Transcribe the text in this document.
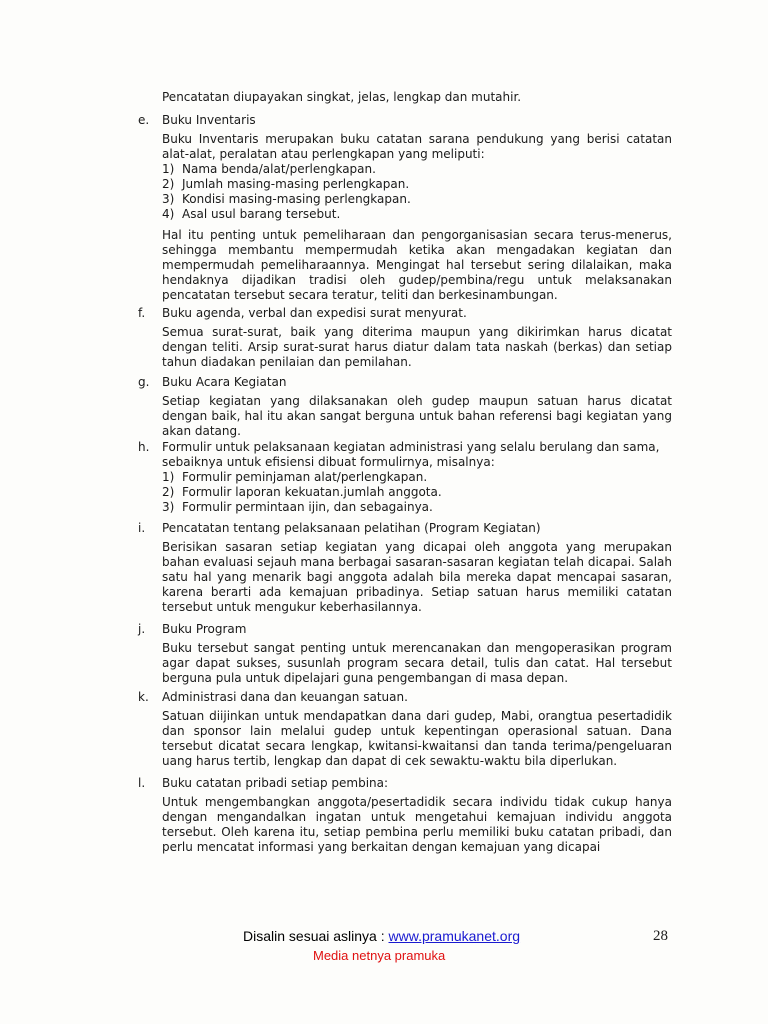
Pencatatan diupayakan singkat, jelas, lengkap dan mutahir.
e.	Buku Inventaris

Buku Inventaris merupakan buku catatan sarana pendukung yang berisi catatan alat-alat, peralatan atau perlengkapan yang meliputi:

1) Nama benda/alat/perlengkapan.
2) Jumlah masing-masing perlengkapan.
3) Kondisi masing-masing perlengkapan.
4) Asal usul barang tersebut.

Hal itu penting untuk pemeliharaan dan pengorganisasian secara terus-menerus, sehingga membantu mempermudah ketika akan mengadakan kegiatan dan mempermudah pemeliharaannya. Mengingat hal tersebut sering dilalaikan, maka hendaknya dijadikan tradisi oleh gudep/pembina/regu untuk melaksanakan pencatatan tersebut secara teratur, teliti dan berkesinambungan.

f.	Buku agenda, verbal dan expedisi surat menyurat.

Semua surat-surat, baik yang diterima maupun yang dikirimkan harus dicatat dengan teliti. Arsip surat-surat harus diatur dalam tata naskah (berkas) dan setiap tahun diadakan penilaian dan pemilahan.

g.	Buku Acara Kegiatan

Setiap kegiatan yang dilaksanakan oleh gudep maupun satuan harus dicatat dengan baik, hal itu akan sangat berguna untuk bahan referensi bagi kegiatan yang akan datang.

h.	Formulir untuk pelaksanaan kegiatan administrasi yang selalu berulang dan sama, sebaiknya untuk efisiensi dibuat formulirnya, misalnya:
1) Formulir peminjaman alat/perlengkapan.
2) Formulir laporan kekuatan.jumlah anggota.
3) Formulir permintaan ijin, dan sebagainya.
i.	Pencatatan tentang pelaksanaan pelatihan (Program Kegiatan)

Berisikan sasaran setiap kegiatan yang dicapai oleh anggota yang merupakan bahan evaluasi sejauh mana berbagai sasaran-sasaran kegiatan telah dicapai. Salah satu hal yang menarik bagi anggota adalah bila mereka dapat mencapai sasaran, karena berarti ada kemajuan pribadinya. Setiap satuan harus memiliki catatan tersebut untuk mengukur keberhasilannya.

j.	Buku Program

Buku tersebut sangat penting untuk merencanakan dan mengoperasikan program agar dapat sukses, susunlah program secara detail, tulis dan catat. Hal tersebut berguna pula untuk dipelajari guna pengembangan di masa depan.

k.	Administrasi dana dan keuangan satuan.

Satuan diijinkan untuk mendapatkan dana dari gudep, Mabi, orangtua pesertadidik dan sponsor lain melalui gudep untuk kepentingan operasional satuan. Dana tersebut dicatat secara lengkap, kwitansi-kwaitansi dan tanda terima/pengeluaran uang harus tertib, lengkap dan dapat di cek sewaktu-waktu bila diperlukan.

l.	Buku catatan pribadi setiap pembina:

Untuk mengembangkan anggota/pesertadidik secara individu tidak cukup hanya dengan mengandalkan ingatan untuk mengetahui kemajuan individu anggota tersebut. Oleh karena itu, setiap pembina perlu memiliki buku catatan pribadi, dan perlu mencatat informasi yang berkaitan dengan kemajuan yang dicapai

Disalin sesuai aslinya : www.pramukanet.org	28
Media netnya pramuka
